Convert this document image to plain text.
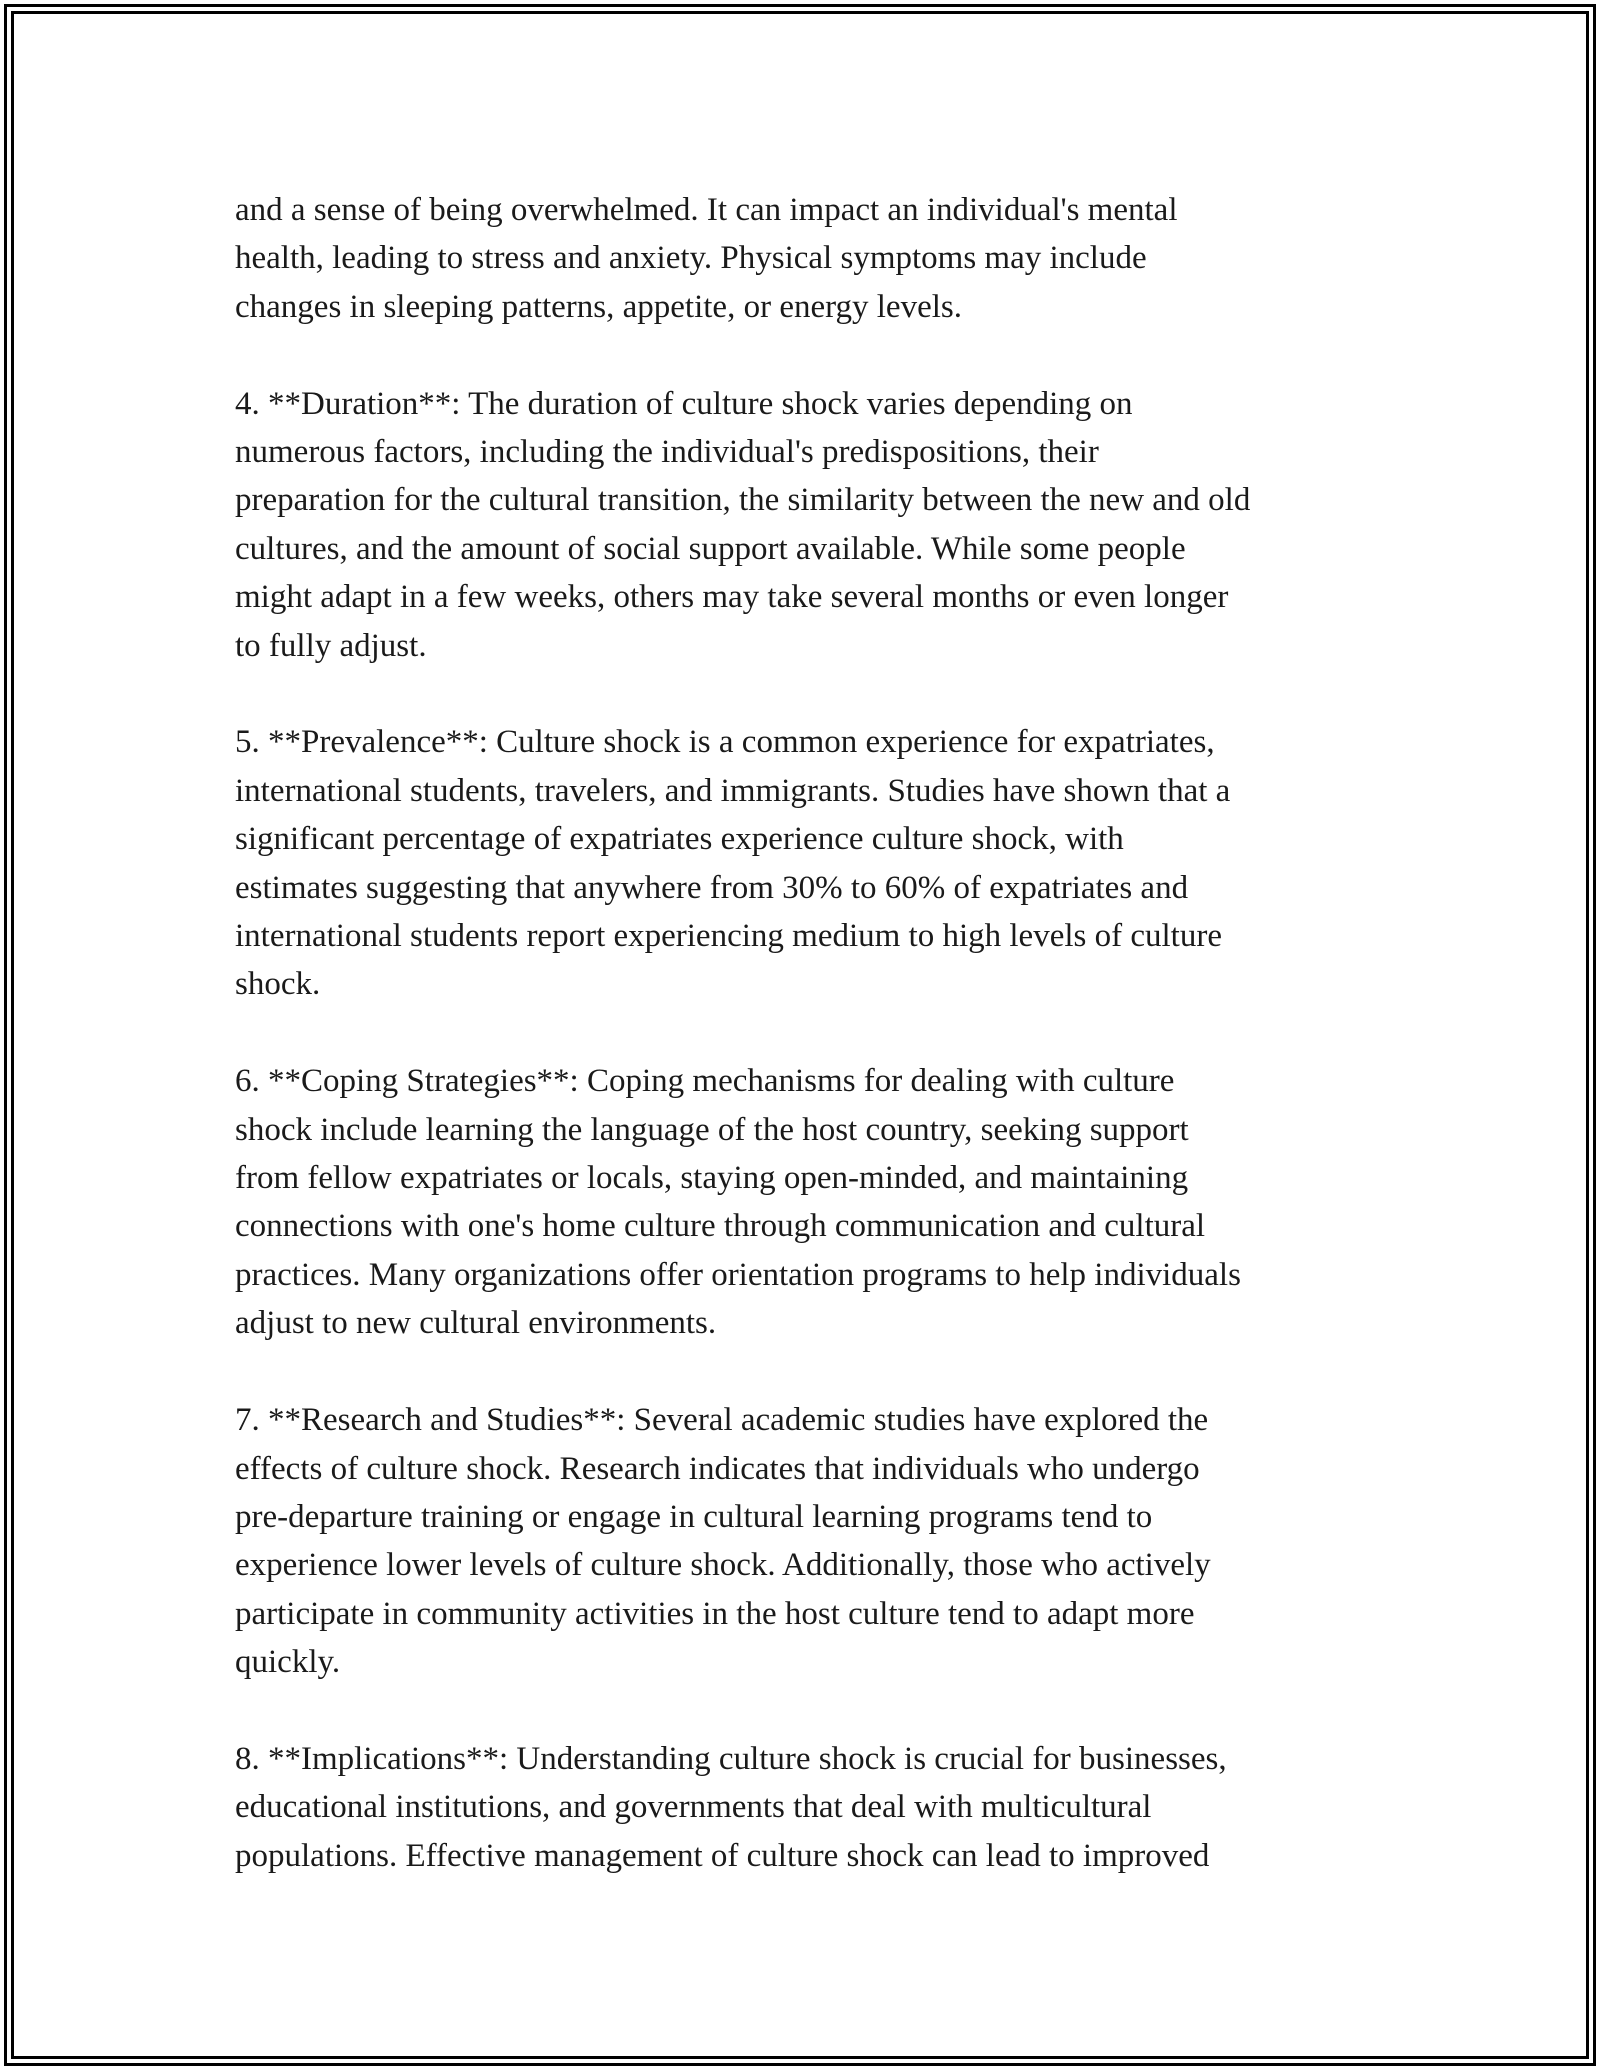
and a sense of being overwhelmed. It can impact an individual's mental
health, leading to stress and anxiety. Physical symptoms may include
changes in sleeping patterns, appetite, or energy levels.

4. **Duration**: The duration of culture shock varies depending on
numerous factors, including the individual's predispositions, their
preparation for the cultural transition, the similarity between the new and old
cultures, and the amount of social support available. While some people
might adapt in a few weeks, others may take several months or even longer
to fully adjust.

5. **Prevalence**: Culture shock is a common experience for expatriates,
international students, travelers, and immigrants. Studies have shown that a
significant percentage of expatriates experience culture shock, with
estimates suggesting that anywhere from 30% to 60% of expatriates and
international students report experiencing medium to high levels of culture
shock.

6. **Coping Strategies**: Coping mechanisms for dealing with culture
shock include learning the language of the host country, seeking support
from fellow expatriates or locals, staying open-minded, and maintaining
connections with one's home culture through communication and cultural
practices. Many organizations offer orientation programs to help individuals
adjust to new cultural environments.

7. **Research and Studies**: Several academic studies have explored the
effects of culture shock. Research indicates that individuals who undergo
pre-departure training or engage in cultural learning programs tend to
experience lower levels of culture shock. Additionally, those who actively
participate in community activities in the host culture tend to adapt more
quickly.

8. **Implications**: Understanding culture shock is crucial for businesses,
educational institutions, and governments that deal with multicultural
populations. Effective management of culture shock can lead to improved
